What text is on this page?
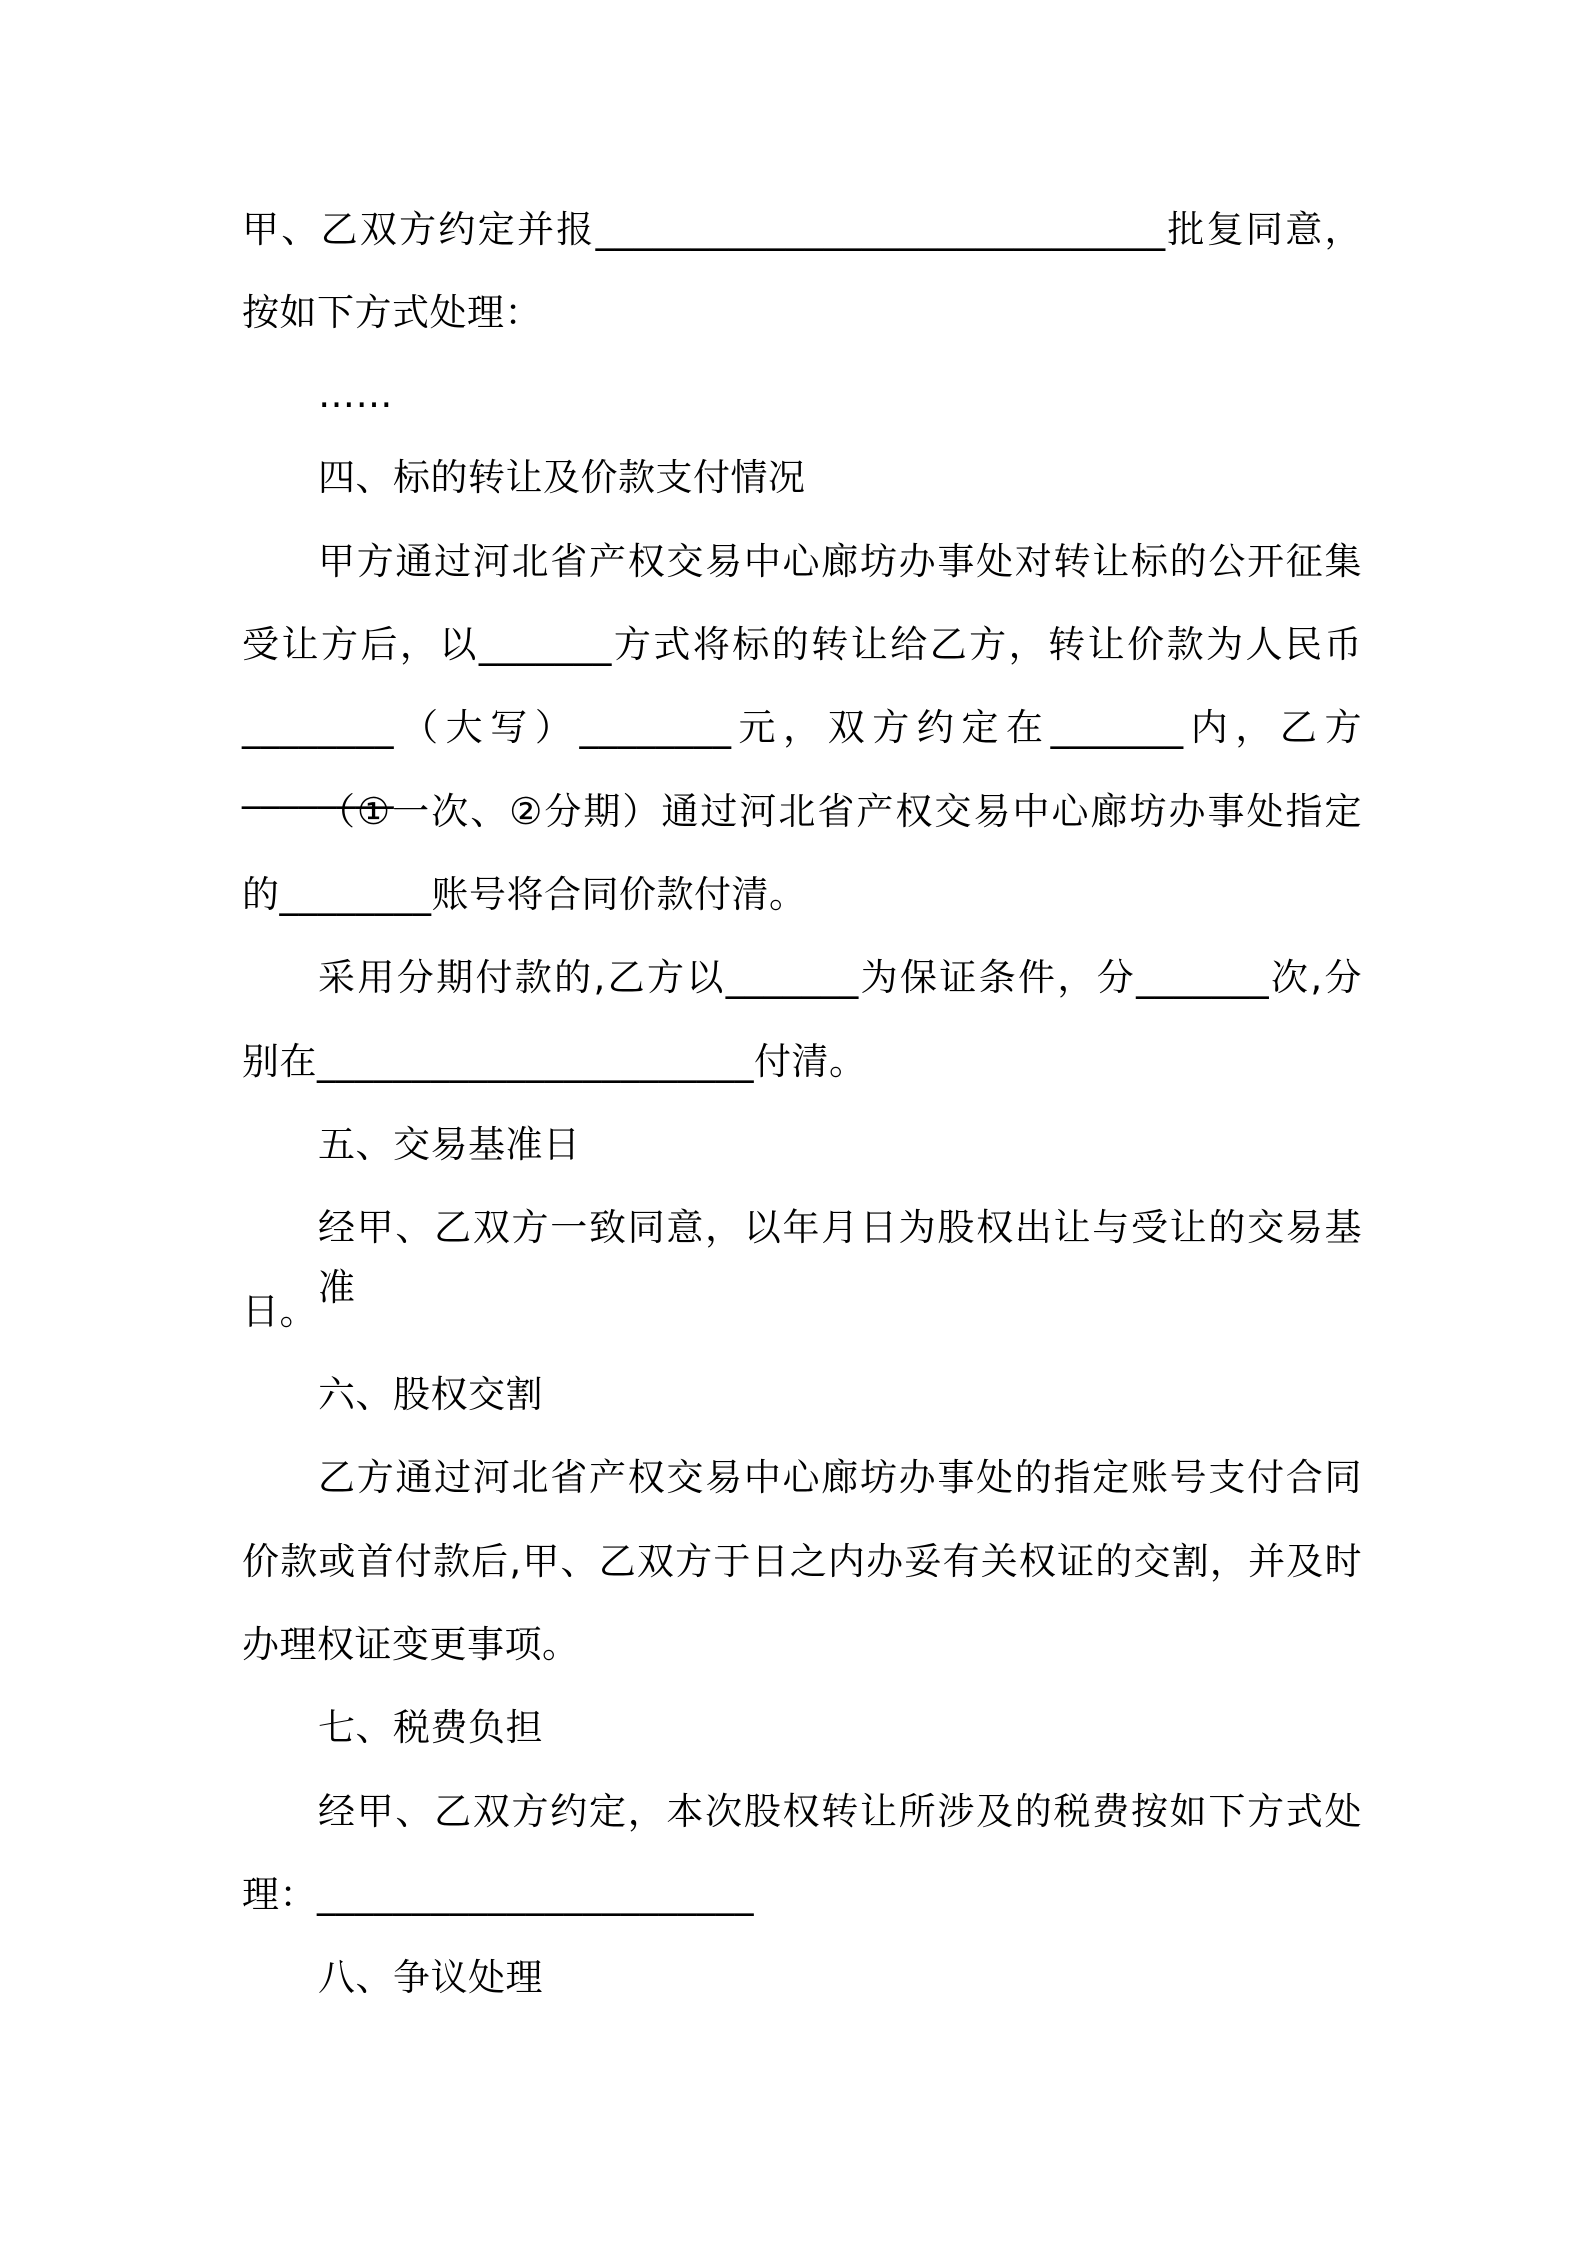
甲、乙双方约定并报______________________________批复同意，
按如下方式处理：
……
四、标的转让及价款支付情况
甲方通过河北省产权交易中心廊坊办事处对转让标的公开征集
受让方后，以_______方式将标的转让给乙方，转让价款为人民币
________（大写）________元，双方约定在_______内，乙方________
（①一次、②分期）通过河北省产权交易中心廊坊办事处指定
的________账号将合同价款付清。
采用分期付款的,乙方以_______为保证条件，分_______次,分
别在_______________________付清。
五、交易基准日
经甲、乙双方一致同意，以年月日为股权出让与受让的交易基准
日。
六、股权交割
乙方通过河北省产权交易中心廊坊办事处的指定账号支付合同
价款或首付款后,甲、乙双方于日之内办妥有关权证的交割，并及时
办理权证变更事项。
七、税费负担
经甲、乙双方约定，本次股权转让所涉及的税费按如下方式处
理：_______________________
八、争议处理
